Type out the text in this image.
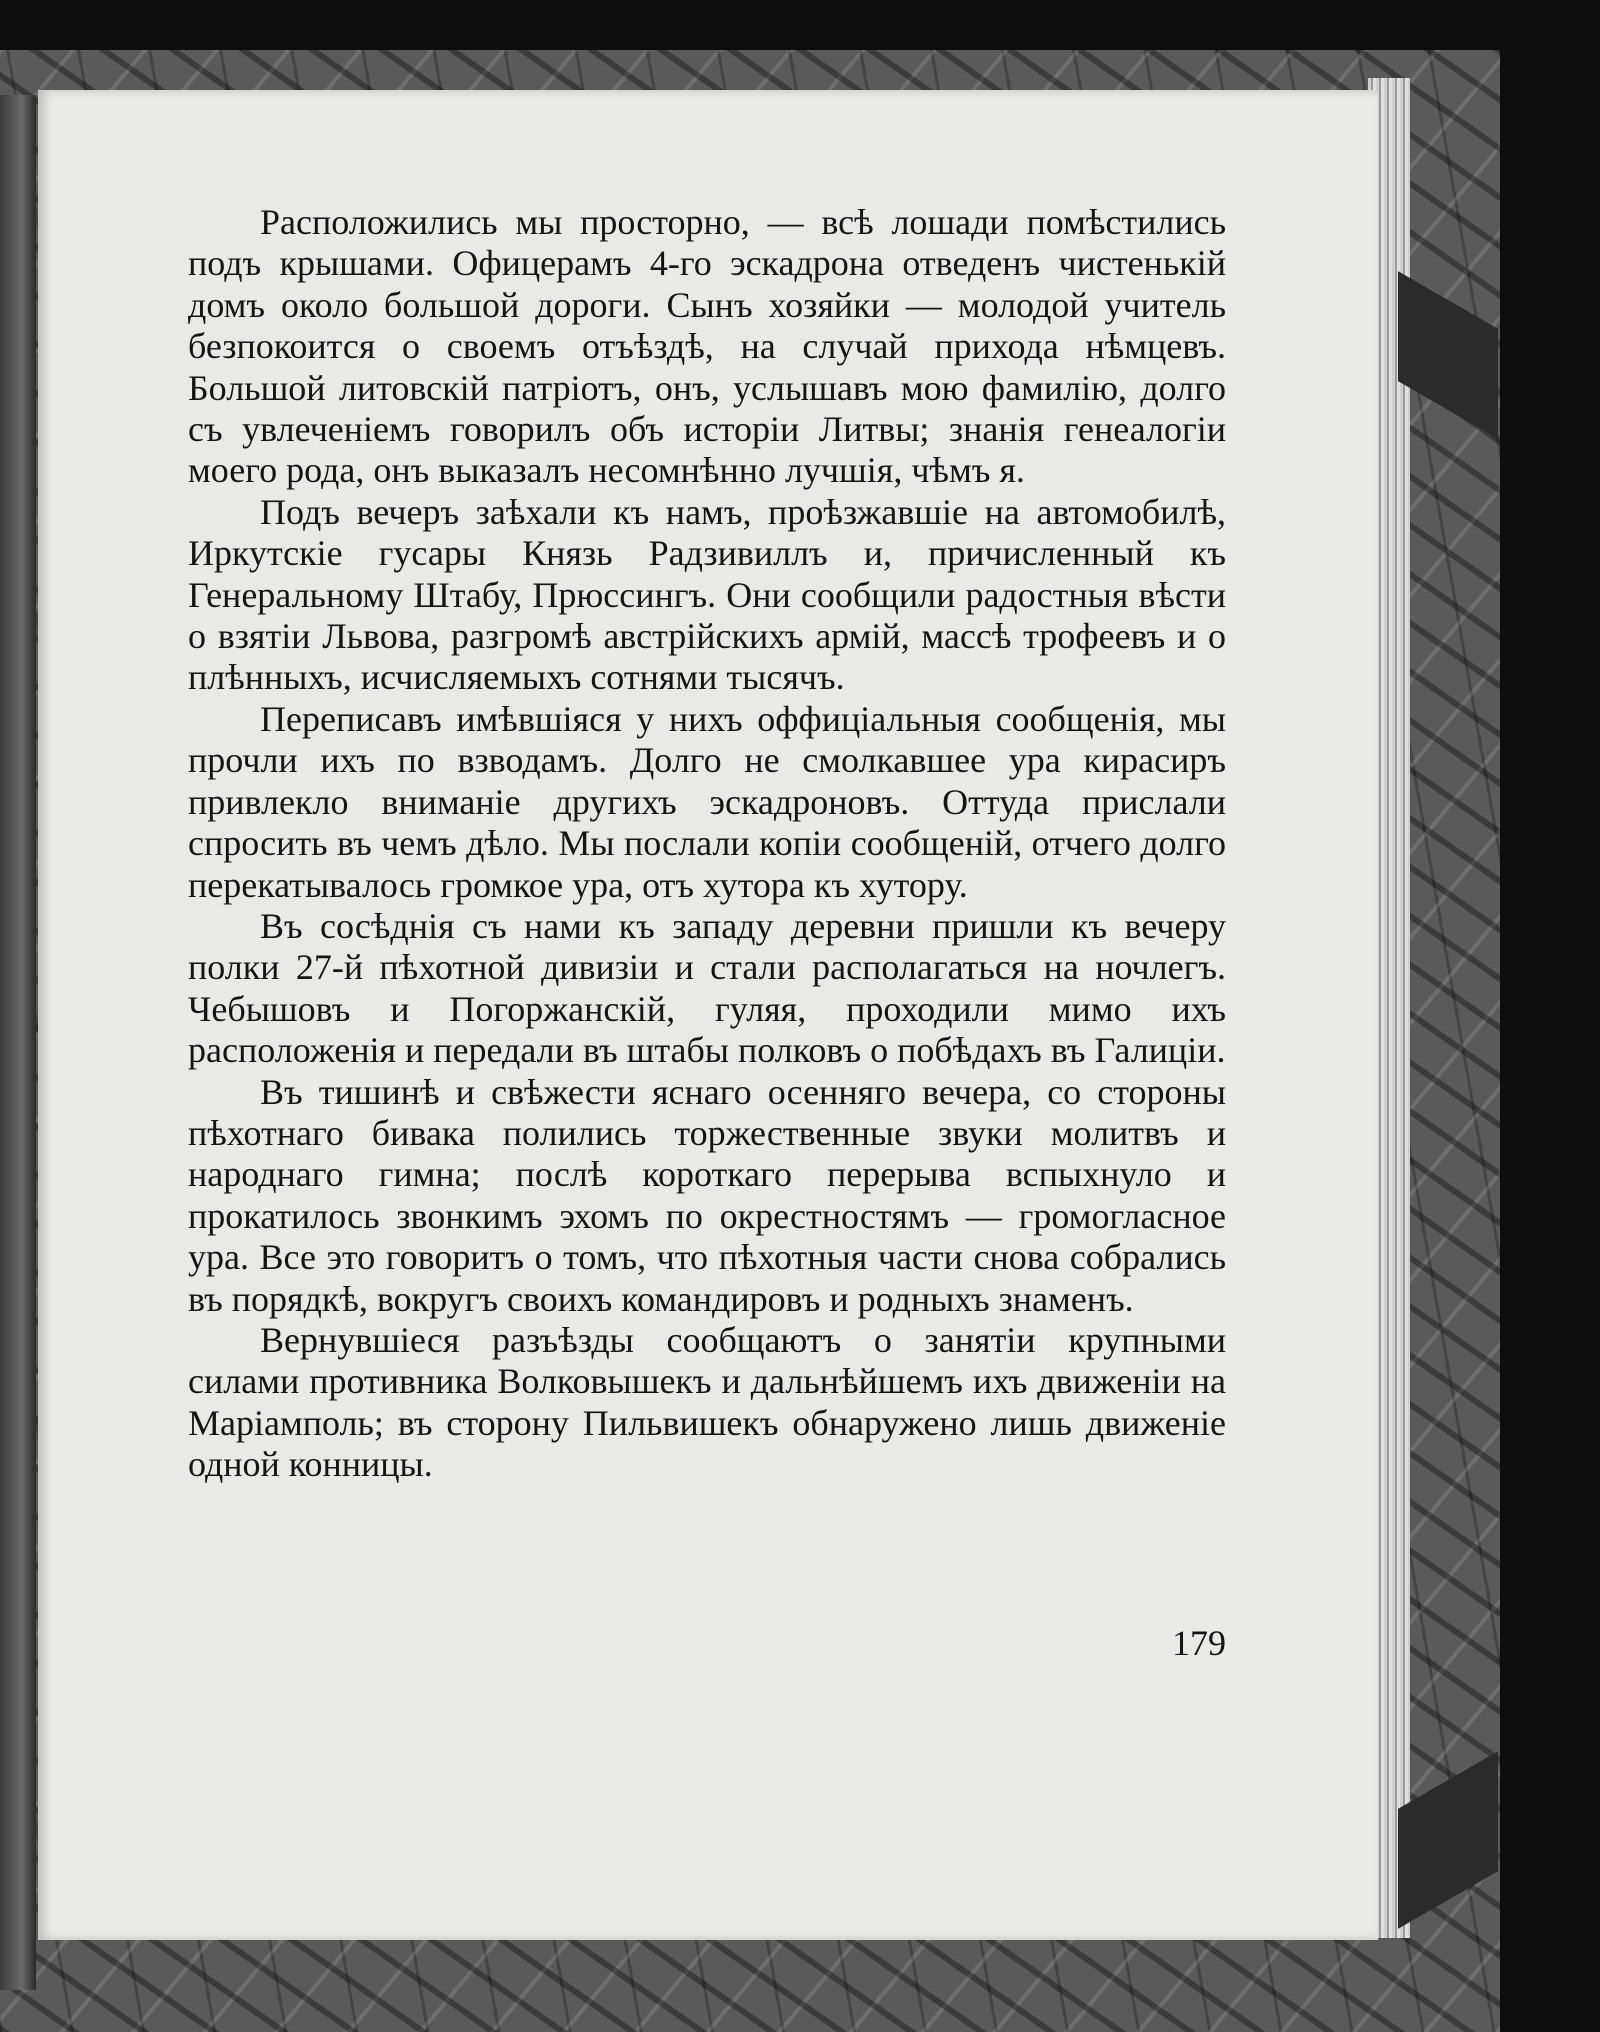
Расположились мы просторно, — всѣ лошади помѣстились подъ крышами. Офицерамъ 4-го эскадрона отведенъ чистенькій домъ около большой дороги. Сынъ хозяйки — молодой учитель безпокоится о своемъ отъѣздѣ, на случай прихода нѣмцевъ. Большой литовскій патріотъ, онъ, услышавъ мою фамилію, долго съ увлеченіемъ говорилъ объ исторіи Литвы; знанія генеалогіи моего рода, онъ выказалъ несомнѣнно лучшія, чѣмъ я.

Подъ вечеръ заѣхали къ намъ, проѣзжавшіе на автомобилѣ, Иркутскіе гусары Князь Радзивиллъ и, причисленный къ Генеральному Штабу, Прюссингъ. Они сообщили радостныя вѣсти о взятіи Львова, разгромѣ австрійскихъ армій, массѣ трофеевъ и о плѣнныхъ, исчисляемыхъ сотнями тысячъ.

Переписавъ имѣвшіяся у нихъ оффиціальныя сообщенія, мы прочли ихъ по взводамъ. Долго не смолкавшее ура кирасиръ привлекло вниманіе другихъ эскадроновъ. Оттуда прислали спросить въ чемъ дѣло. Мы послали копіи сообщеній, отчего долго перекатывалось громкое ура, отъ хутора къ хутору.

Въ сосѣднія съ нами къ западу деревни пришли къ вечеру полки 27-й пѣхотной дивизіи и стали располагаться на ночлегъ. Чебышовъ и Погоржанскій, гуляя, проходили мимо ихъ расположенія и передали въ штабы полковъ о побѣдахъ въ Галиціи.

Въ тишинѣ и свѣжести яснаго осенняго вечера, со стороны пѣхотнаго бивака полились торжественные звуки молитвъ и народнаго гимна; послѣ короткаго перерыва вспыхнуло и прокатилось звонкимъ эхомъ по окрестностямъ — громогласное ура. Все это говоритъ о томъ, что пѣхотныя части снова собрались въ порядкѣ, вокругъ своихъ командировъ и родныхъ знаменъ.

Вернувшіеся разъѣзды сообщаютъ о занятіи крупными силами противника Волковышекъ и дальнѣйшемъ ихъ движеніи на Маріамполь; въ сторону Пильвишекъ обнаружено лишь движеніе одной конницы.

179
